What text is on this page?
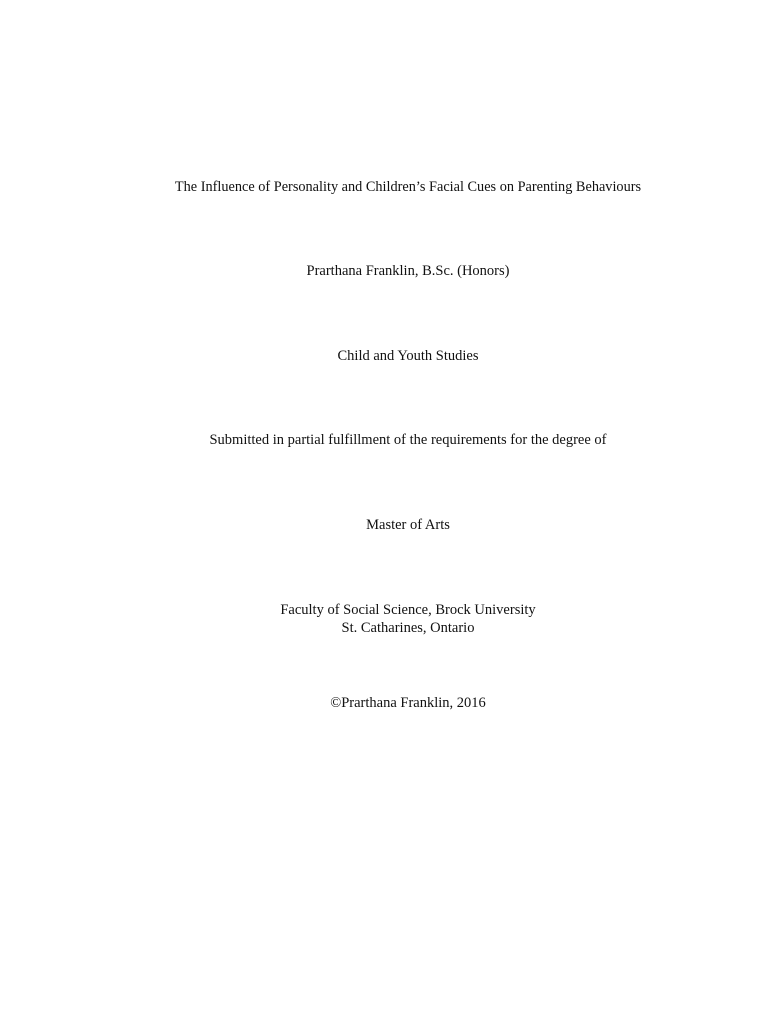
The Influence of Personality and Children’s Facial Cues on Parenting Behaviours
Prarthana Franklin, B.Sc. (Honors)
Child and Youth Studies
Submitted in partial fulfillment of the requirements for the degree of
Master of Arts
Faculty of Social Science, Brock University
St. Catharines, Ontario
©Prarthana Franklin, 2016
